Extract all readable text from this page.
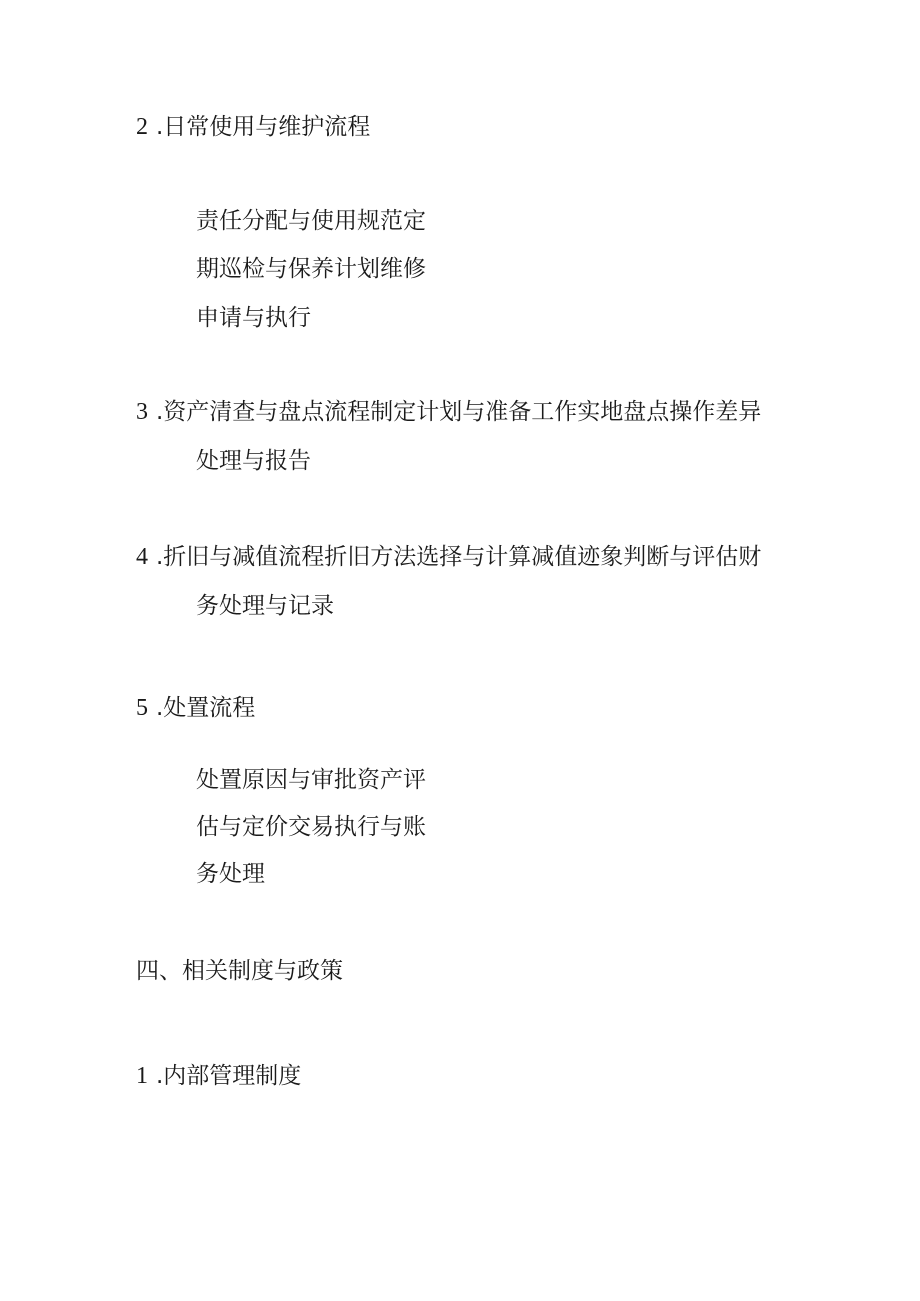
2 .日常使用与维护流程
责任分配与使用规范定
期巡检与保养计划维修
申请与执行
3 .资产清查与盘点流程制定计划与准备工作实地盘点操作差异
处理与报告
4 .折旧与减值流程折旧方法选择与计算减值迹象判断与评估财
务处理与记录
5 .处置流程
处置原因与审批资产评
估与定价交易执行与账
务处理
四、相关制度与政策
1 .内部管理制度
